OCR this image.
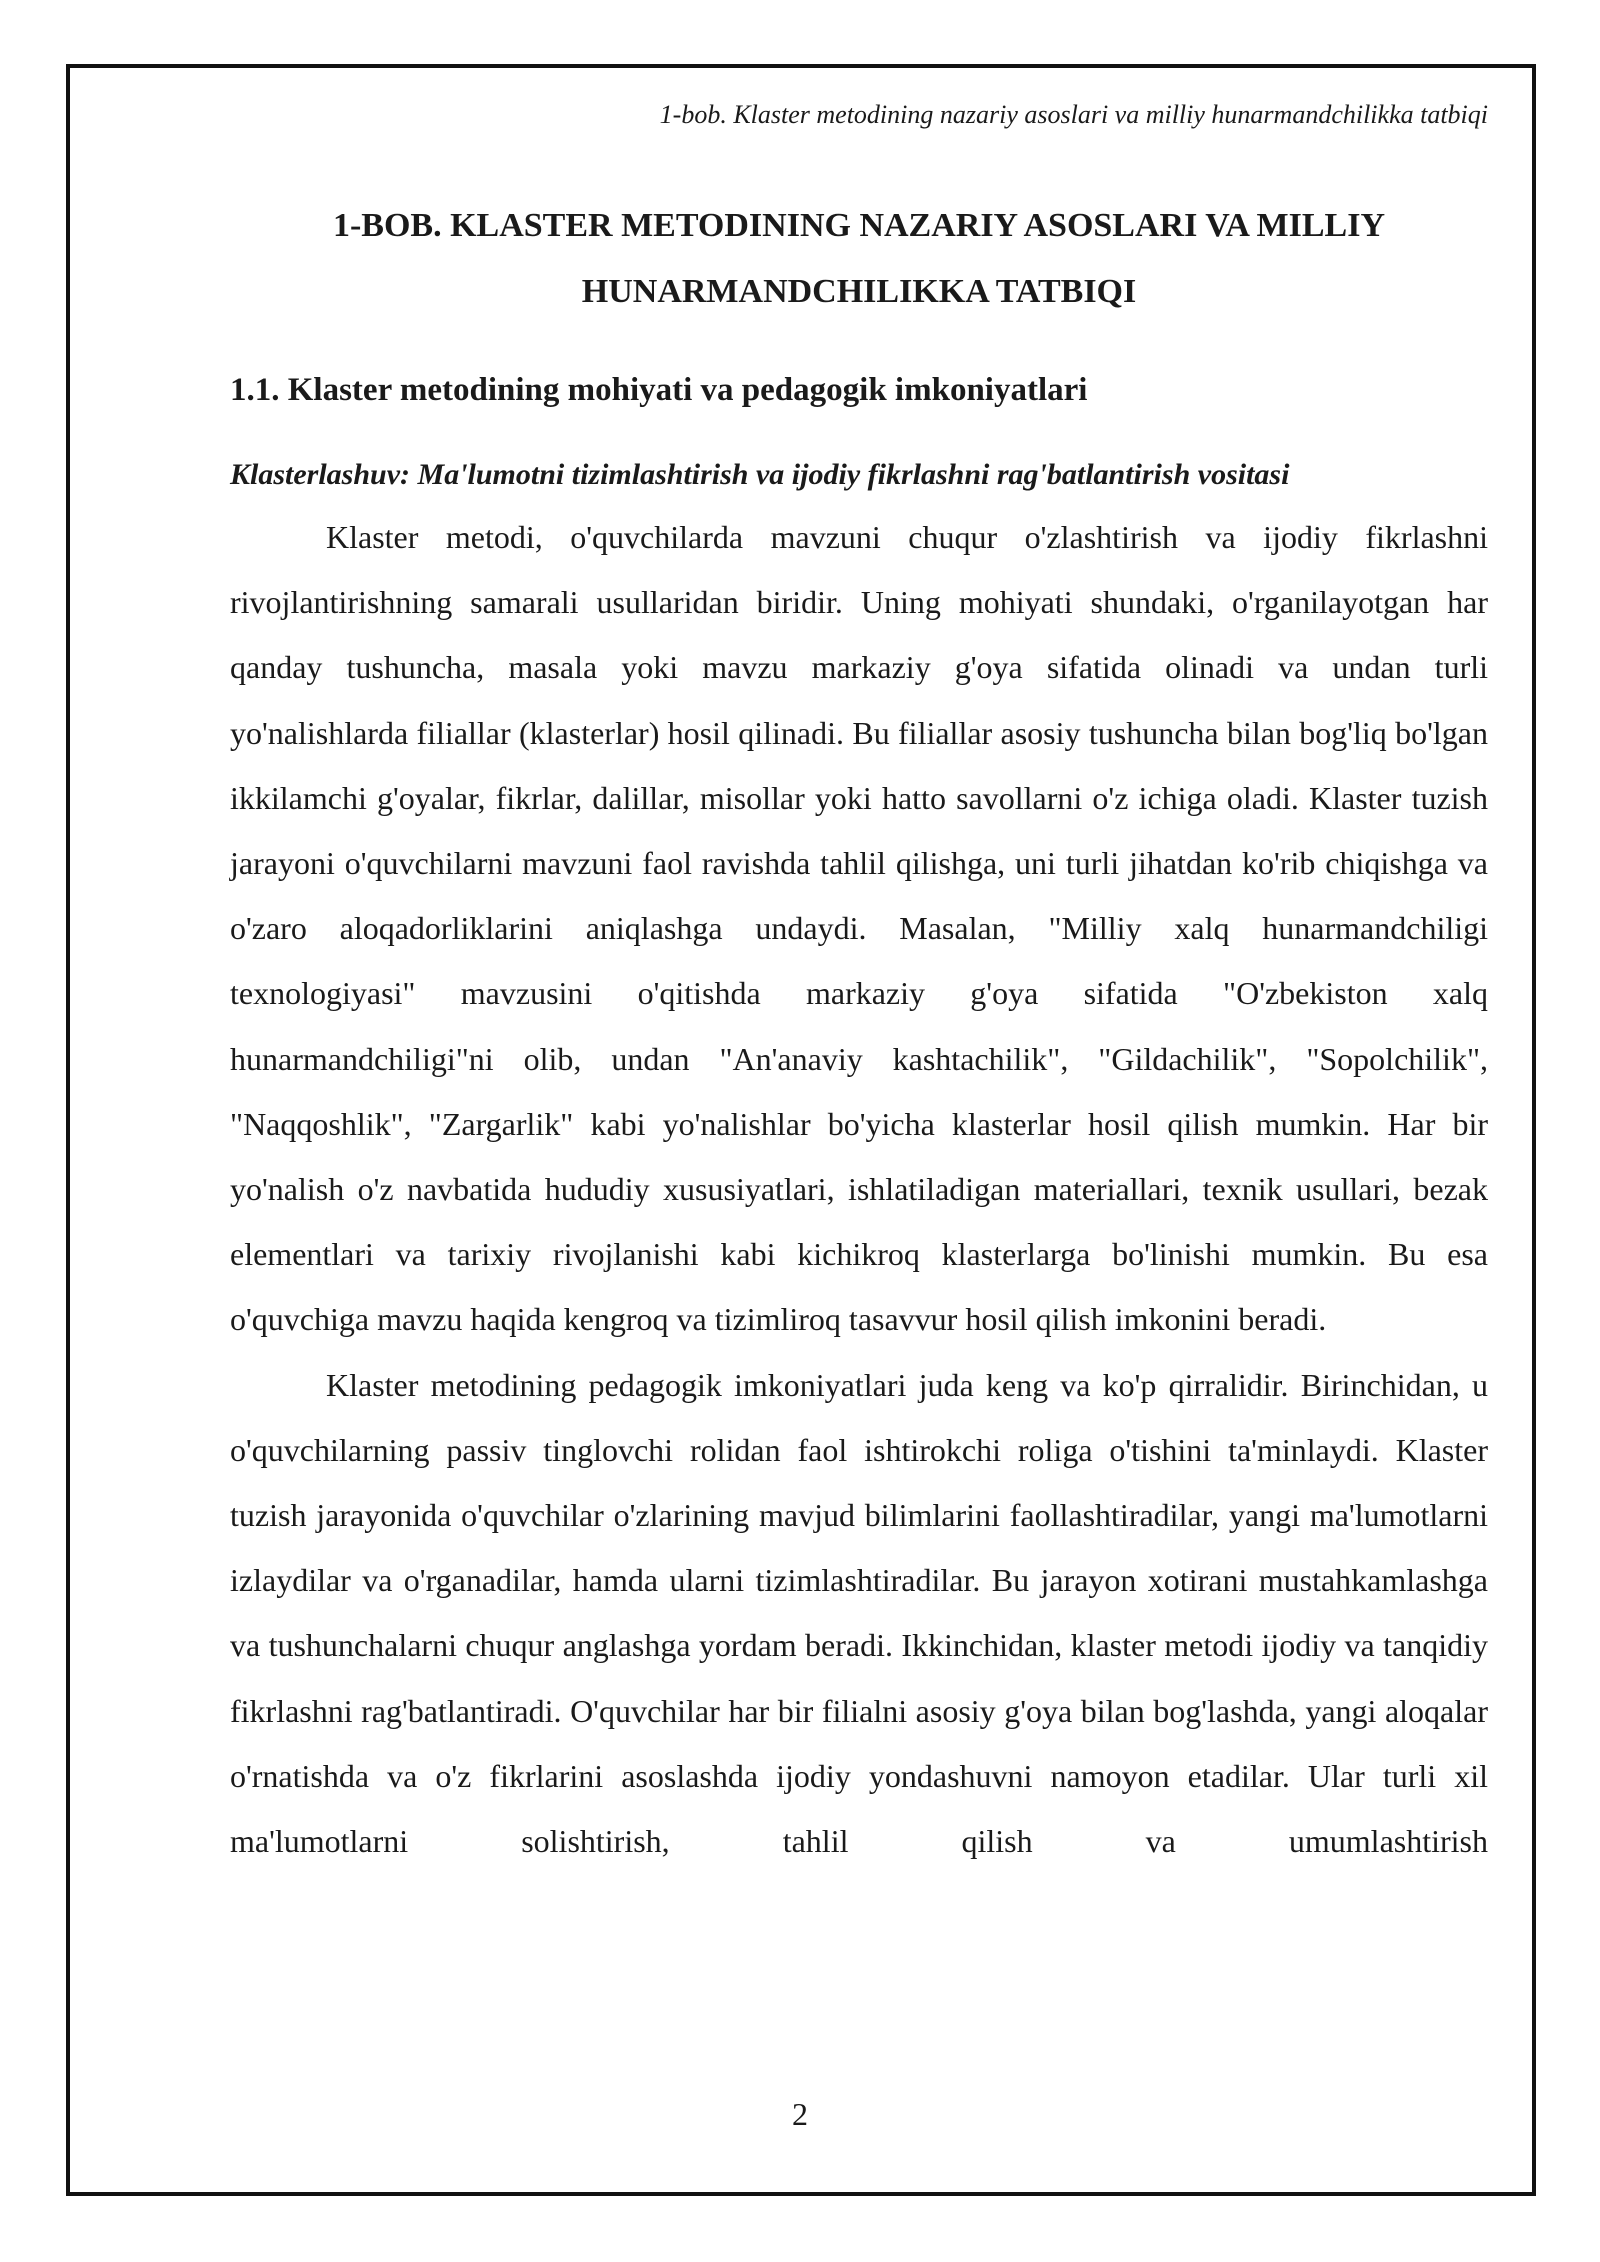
1-bob. Klaster metodining nazariy asoslari va milliy hunarmandchilikka tatbiqi

1-BOB. KLASTER METODINING NAZARIY ASOSLARI VA MILLIY HUNARMANDCHILIKKA TATBIQI
1.1. Klaster metodining mohiyati va pedagogik imkoniyatlari
Klasterlashuv: Ma'lumotni tizimlashtirish va ijodiy fikrlashni rag'batlantirish vositasi

Klaster metodi, o'quvchilarda mavzuni chuqur o'zlashtirish va ijodiy fikrlashni rivojlantirishning samarali usullaridan biridir. Uning mohiyati shundaki, o'rganilayotgan har qanday tushuncha, masala yoki mavzu markaziy g'oya sifatida olinadi va undan turli yo'nalishlarda filiallar (klasterlar) hosil qilinadi. Bu filiallar asosiy tushuncha bilan bog'liq bo'lgan ikkilamchi g'oyalar, fikrlar, dalillar, misollar yoki hatto savollarni o'z ichiga oladi. Klaster tuzish jarayoni o'quvchilarni mavzuni faol ravishda tahlil qilishga, uni turli jihatdan ko'rib chiqishga va o'zaro aloqadorliklarini aniqlashga undaydi. Masalan, "Milliy xalq hunarmandchiligi texnologiyasi" mavzusini o'qitishda markaziy g'oya sifatida "O'zbekiston xalq hunarmandchiligi"ni olib, undan "An'anaviy kashtachilik", "Gildachilik", "Sopolchilik", "Naqqoshlik", "Zargarlik" kabi yo'nalishlar bo'yicha klasterlar hosil qilish mumkin. Har bir yo'nalish o'z navbatida hududiy xususiyatlari, ishlatiladigan materiallari, texnik usullari, bezak elementlari va tarixiy rivojlanishi kabi kichikroq klasterlarga bo'linishi mumkin. Bu esa o'quvchiga mavzu haqida kengroq va tizimliroq tasavvur hosil qilish imkonini beradi.

Klaster metodining pedagogik imkoniyatlari juda keng va ko'p qirralidir. Birinchidan, u o'quvchilarning passiv tinglovchi rolidan faol ishtirokchi roliga o'tishini ta'minlaydi. Klaster tuzish jarayonida o'quvchilar o'zlarining mavjud bilimlarini faollashtiradilar, yangi ma'lumotlarni izlaydilar va o'rganadilar, hamda ularni tizimlashtiradilar. Bu jarayon xotirani mustahkamlashga va tushunchalarni chuqur anglashga yordam beradi. Ikkinchidan, klaster metodi ijodiy va tanqidiy fikrlashni rag'batlantiradi. O'quvchilar har bir filialni asosiy g'oya bilan bog'lashda, yangi aloqalar o'rnatishda va o'z fikrlarini asoslashda ijodiy yondashuvni namoyon etadilar. Ular turli xil ma'lumotlarni solishtirish, tahlil qilish va umumlashtirish

2
